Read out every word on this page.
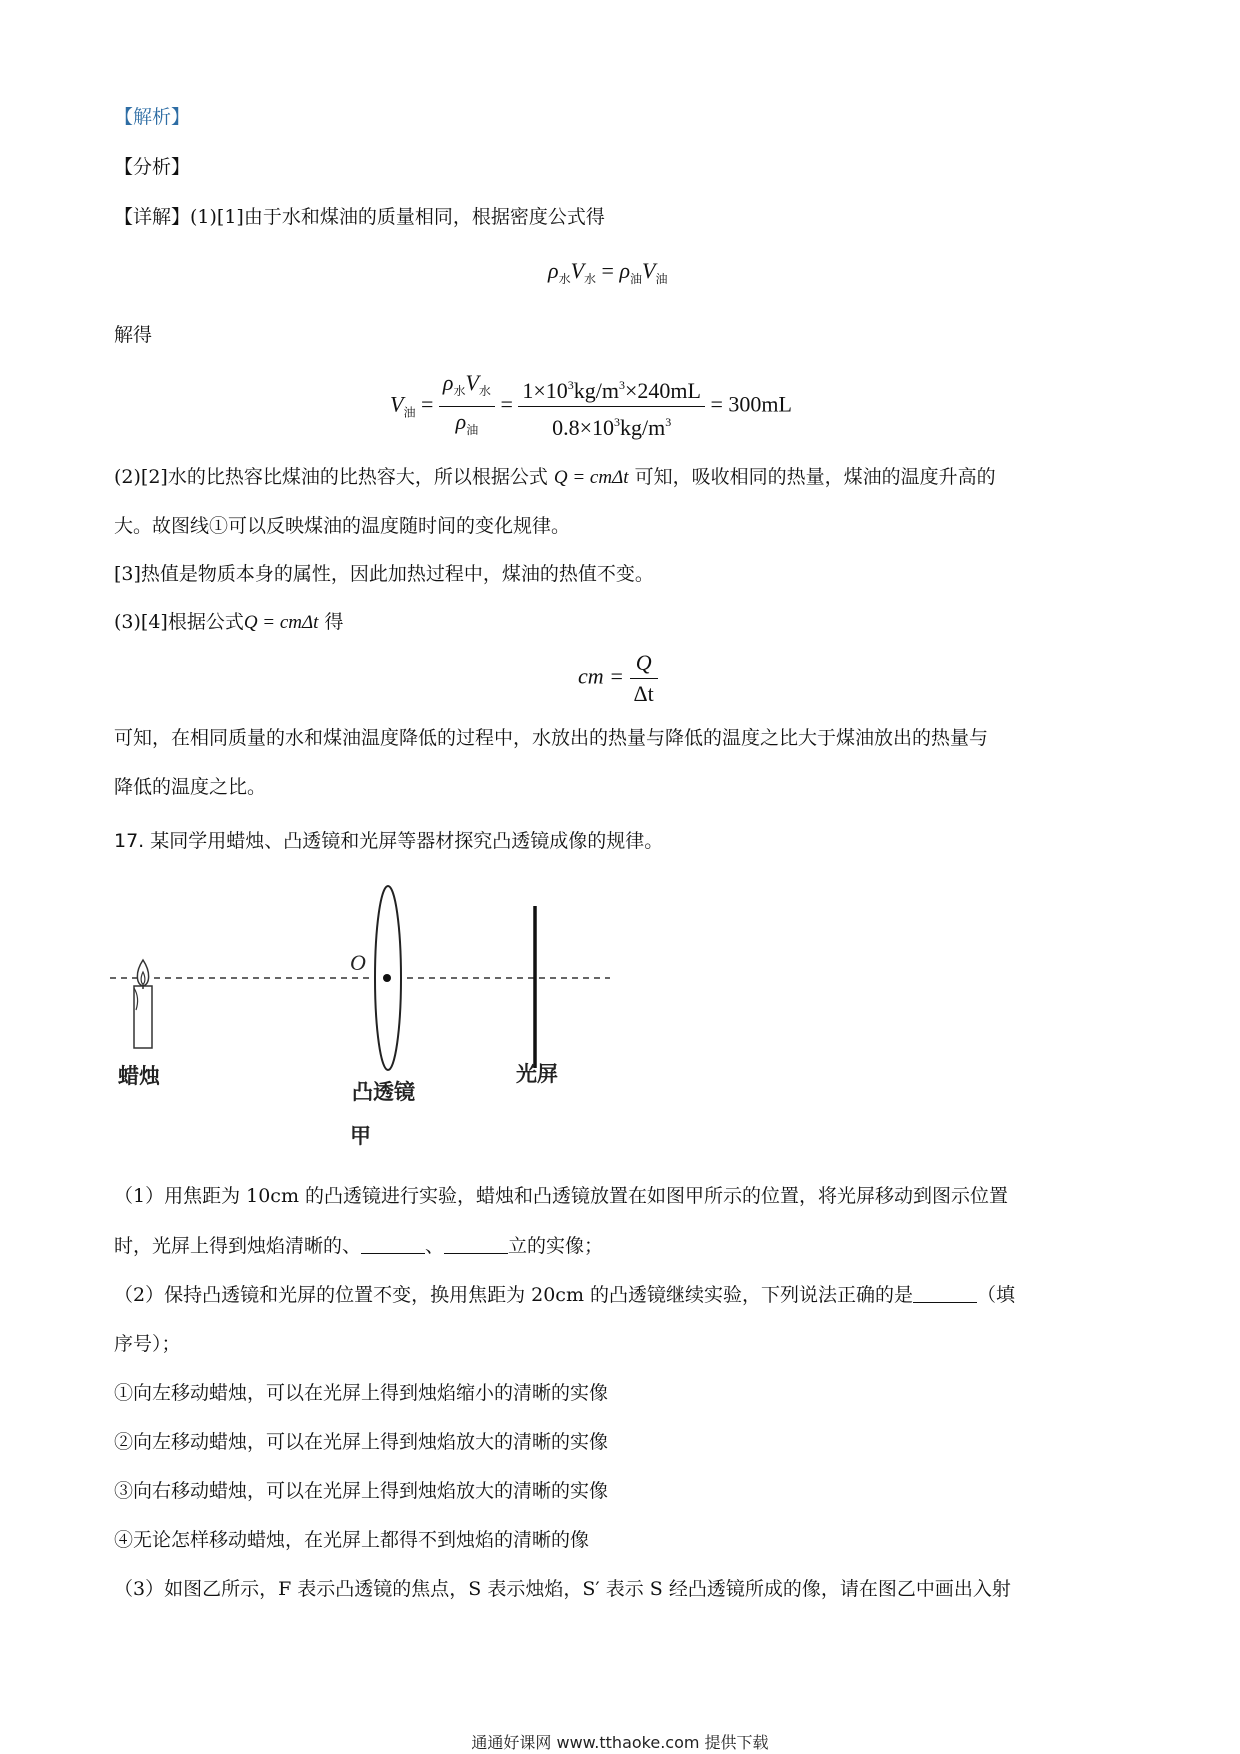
【解析】
【分析】
【详解】(1)[1]由于水和煤油的质量相同，根据密度公式得
$\rho_水V_水 = \rho_油V_油$
解得
$V_油 = \frac{\rho_水V_水}{\rho_油} = \frac{1\times 10^3kg/m^3\times 240mL}{0.8\times 10^3kg/m^3} = 300mL$
(2)[2]水的比热容比煤油的比热容大，所以根据公式 Q = cmΔt 可知，吸收相同的热量，煤油的温度升高的
大。故图线①可以反映煤油的温度随时间的变化规律。
[3]热值是物质本身的属性，因此加热过程中，煤油的热值不变。
(3)[4]根据公式Q = cmΔt 得
cm = $\frac{Q}{\Delta t}$
可知，在相同质量的水和煤油温度降低的过程中，水放出的热量与降低的温度之比大于煤油放出的热量与
降低的温度之比。
17. 某同学用蜡烛、凸透镜和光屏等器材探究凸透镜成像的规律。
O
蜡烛
凸透镜
光屏
甲
（1）用焦距为 10cm 的凸透镜进行实验，蜡烛和凸透镜放置在如图甲所示的位置，将光屏移动到图示位置
时，光屏上得到烛焰清晰的、	、	立的实像；
（2）保持凸透镜和光屏的位置不变，换用焦距为 20cm 的凸透镜继续实验，下列说法正确的是	（填
序号）；
①向左移动蜡烛，可以在光屏上得到烛焰缩小的清晰的实像
②向左移动蜡烛，可以在光屏上得到烛焰放大的清晰的实像
③向右移动蜡烛，可以在光屏上得到烛焰放大的清晰的实像
④无论怎样移动蜡烛，在光屏上都得不到烛焰的清晰的像
（3）如图乙所示，F 表示凸透镜的焦点，S 表示烛焰，S′ 表示 S 经凸透镜所成的像，请在图乙中画出入射
通通好课网 www.tthaoke.com 提供下载
